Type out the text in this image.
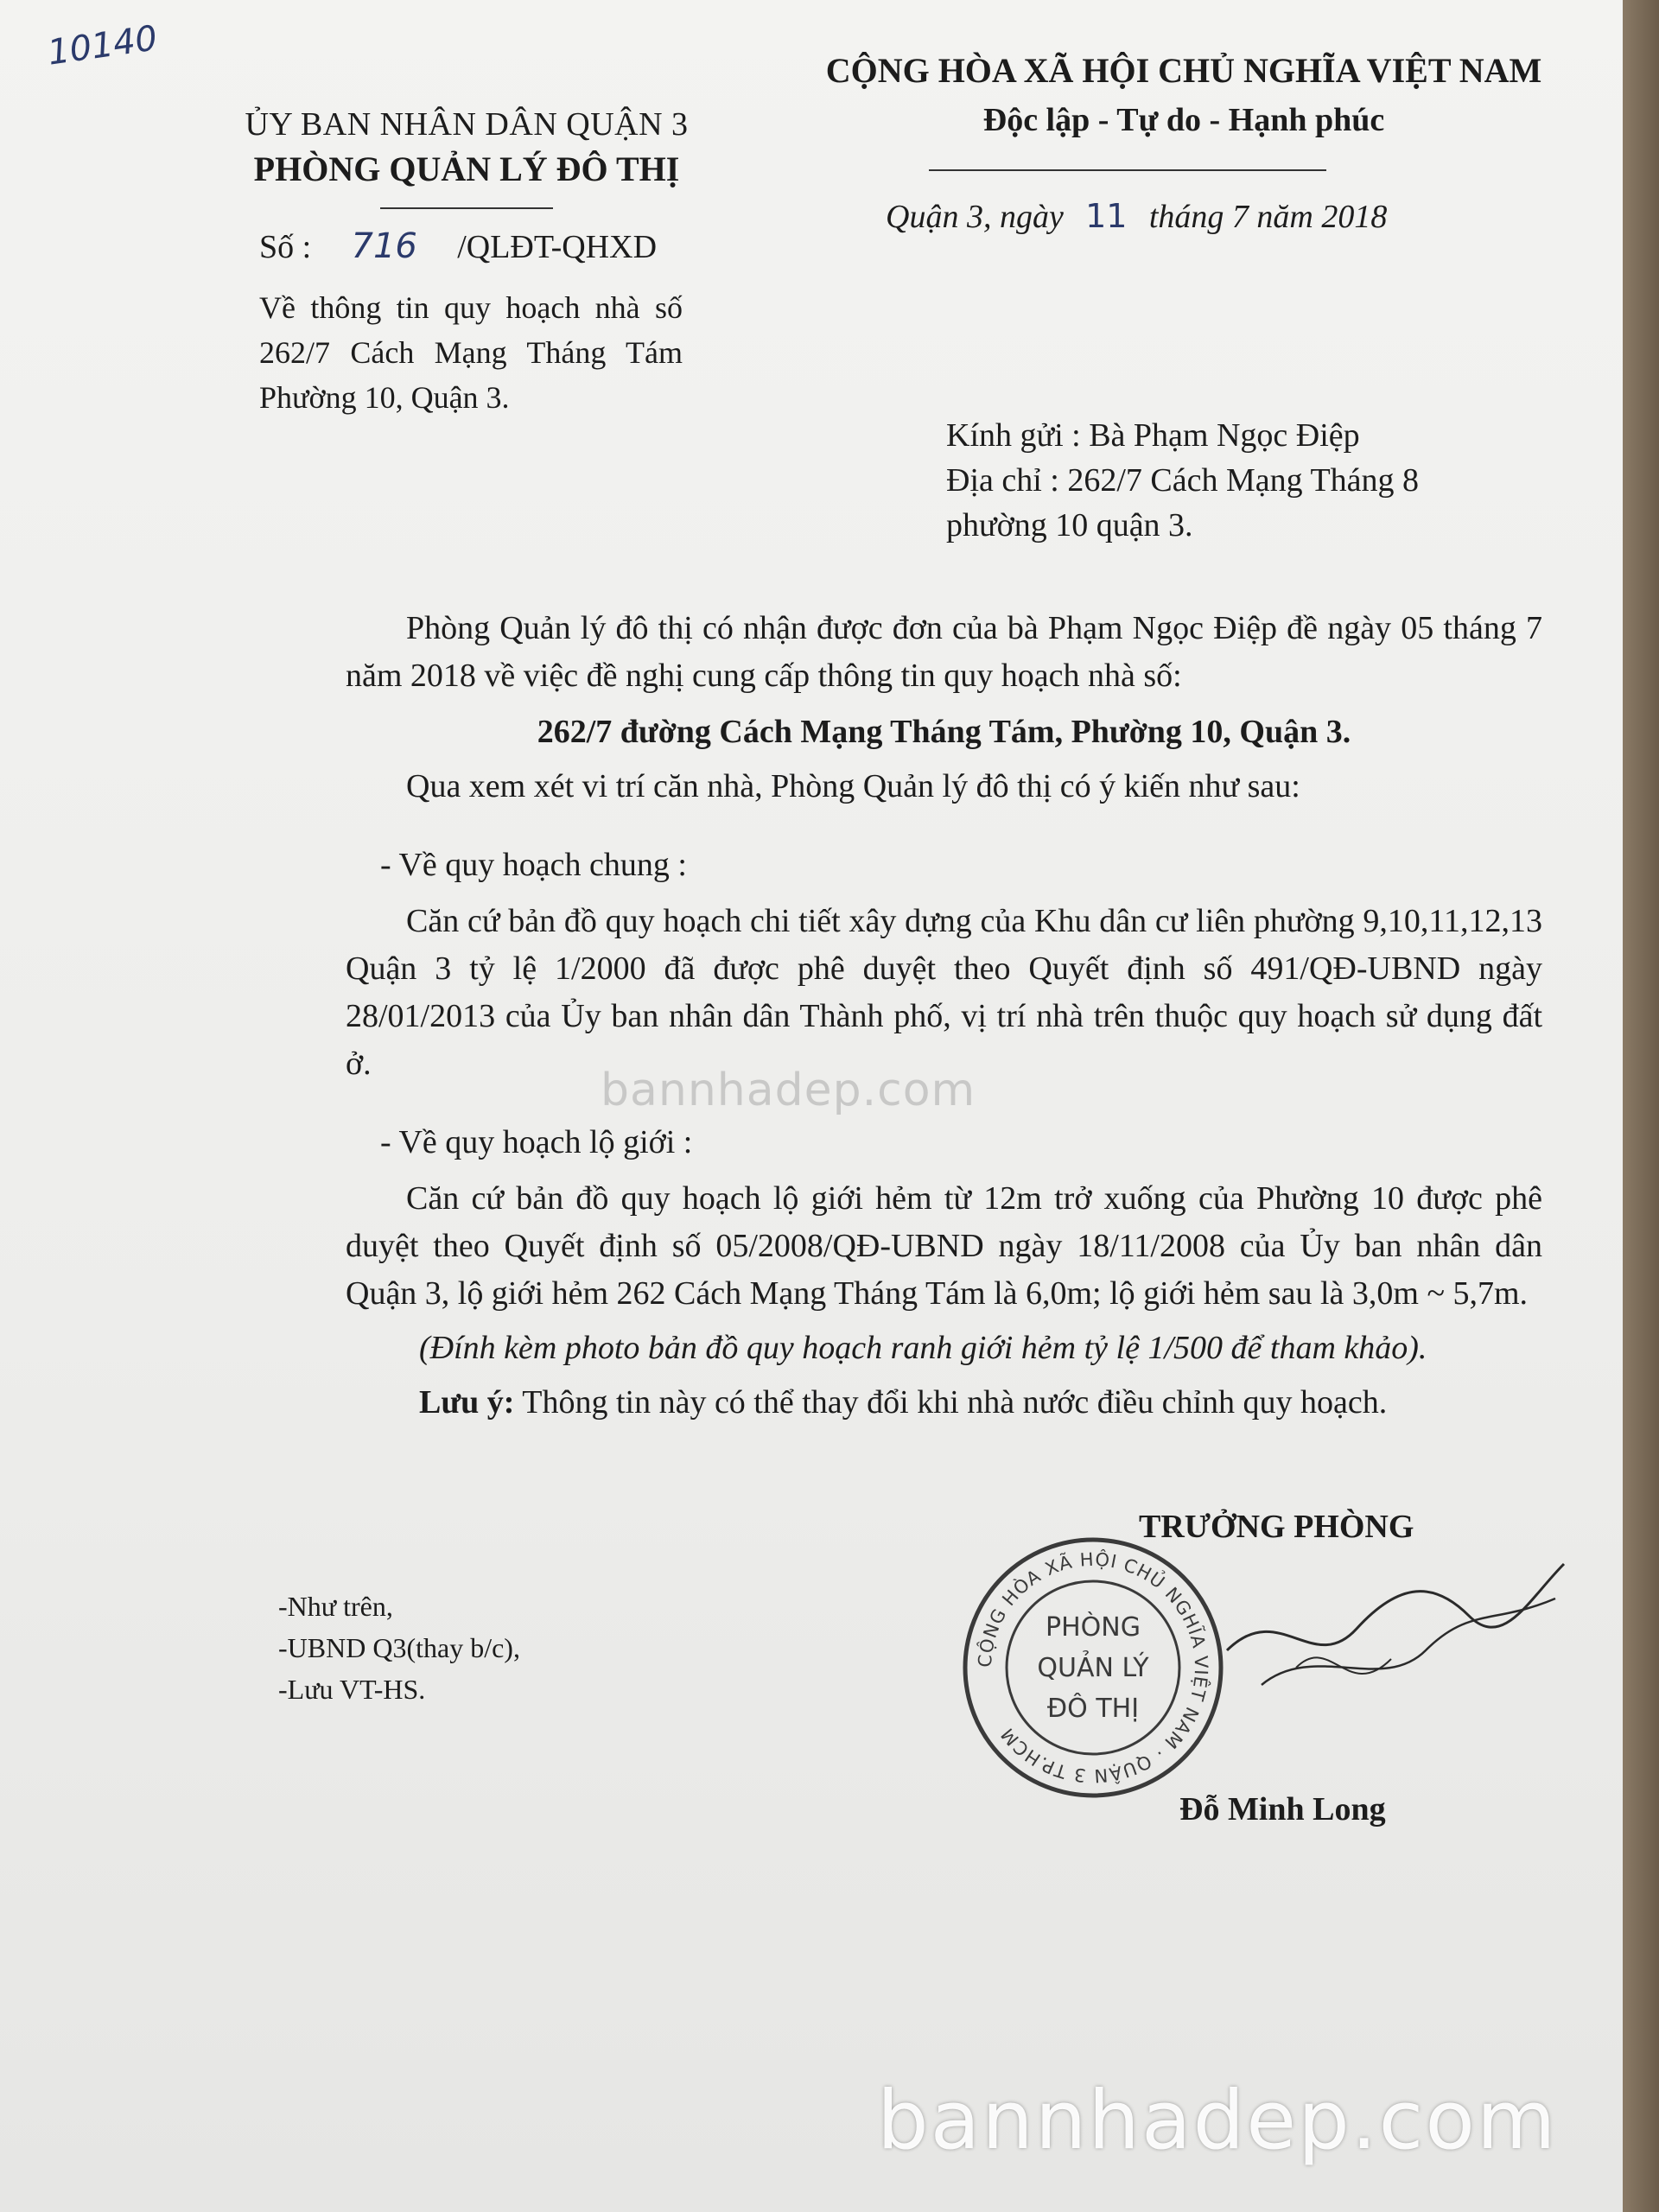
10140
ỦY BAN NHÂN DÂN QUẬN 3
PHÒNG QUẢN LÝ ĐÔ THỊ
CỘNG HÒA XÃ HỘI CHỦ NGHĨA VIỆT NAM
Độc lập - Tự do - Hạnh phúc
Số : 716 /QLĐT-QHXD
Quận 3, ngày 11 tháng 7 năm 2018
Về thông tin quy hoạch nhà số 262/7 Cách Mạng Tháng Tám Phường 10, Quận 3.
Kính gửi : Bà Phạm Ngọc Điệp
Địa chỉ : 262/7 Cách Mạng Tháng 8
phường 10 quận 3.

Phòng Quản lý đô thị có nhận được đơn của bà Phạm Ngọc Điệp đề ngày 05 tháng 7 năm 2018 về việc đề nghị cung cấp thông tin quy hoạch nhà số:

262/7 đường Cách Mạng Tháng Tám, Phường 10, Quận 3.

Qua xem xét vi trí căn nhà, Phòng Quản lý đô thị có ý kiến như sau:

- Về quy hoạch chung :

Căn cứ bản đồ quy hoạch chi tiết xây dựng của Khu dân cư liên phường 9,10,11,12,13 Quận 3 tỷ lệ 1/2000 đã được phê duyệt theo Quyết định số 491/QĐ-UBND ngày 28/01/2013 của Ủy ban nhân dân Thành phố, vị trí nhà trên thuộc quy hoạch sử dụng đất ở.

- Về quy hoạch lộ giới :

Căn cứ bản đồ quy hoạch lộ giới hẻm từ 12m trở xuống của Phường 10 được phê duyệt theo Quyết định số 05/2008/QĐ-UBND ngày 18/11/2008 của Ủy ban nhân dân Quận 3, lộ giới hẻm 262 Cách Mạng Tháng Tám là 6,0m; lộ giới hẻm sau là 3,0m ~ 5,7m.

(Đính kèm photo bản đồ quy hoạch ranh giới hẻm tỷ lệ 1/500 để tham khảo).

Lưu ý: Thông tin này có thể thay đổi khi nhà nước điều chỉnh quy hoạch.

bannhadep.com
TRƯỞNG PHÒNG
-Như trên,
-UBND Q3(thay b/c),
-Lưu VT-HS.
CỘNG HÒA XÃ HỘI CHỦ NGHĨA VIỆT NAM · QUẬN 3 TP.HCM
PHÒNG
QUẢN LÝ
ĐÔ THỊ
Đỗ Minh Long
bannhadep.com
